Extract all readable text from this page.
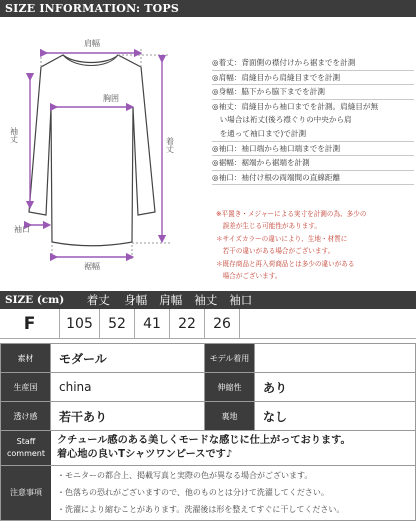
SIZE INFORMATION: TOPS
肩幅
胸囲
裾幅
袖口
袖丈
着丈
◎着丈：背面側の襟付けから裾までを計測
◎肩幅：肩縫目から肩縫目までを計測
◎身幅：脇下から脇下までを計測
◎袖丈：肩縫目から袖口までを計測。肩縫目が無
　い場合は裄丈(後ろ襟ぐりの中央から肩
　を通って袖口まで)で計測
◎袖口：袖口端から袖口端までを計測
◎裾幅：裾端から裾端を計測
◎袖口：袖付け根の両端間の直線距離
※平置き・メジャーによる実寸を計測の為、多少の
　誤差が生じる可能性があります。
＊サイズカラーの違いにより、生地・材質に
　若干の違いがある場合がございます。
＊既存商品と再入荷商品とは多少の違いがある
　場合がございます。
SIZE (cm)	着丈	身幅	肩幅	袖丈	袖口
F	105	52	41	22	26
素材	モダール	モデル着用	
生産国	china	伸縮性	あり
透け感	若干あり	裏地	なし
Staff
comment
クチュール感のある美しくモードな感じに仕上がっております。
着心地の良いTシャツワンピースです♪
注意事項
・モニターの都合上、掲載写真と実際の色が異なる場合がございます。
・色落ちの恐れがございますので、他のものとは分けて洗濯してください。
・洗濯により縮むことがあります。洗濯後は形を整えてすぐに干してください。
